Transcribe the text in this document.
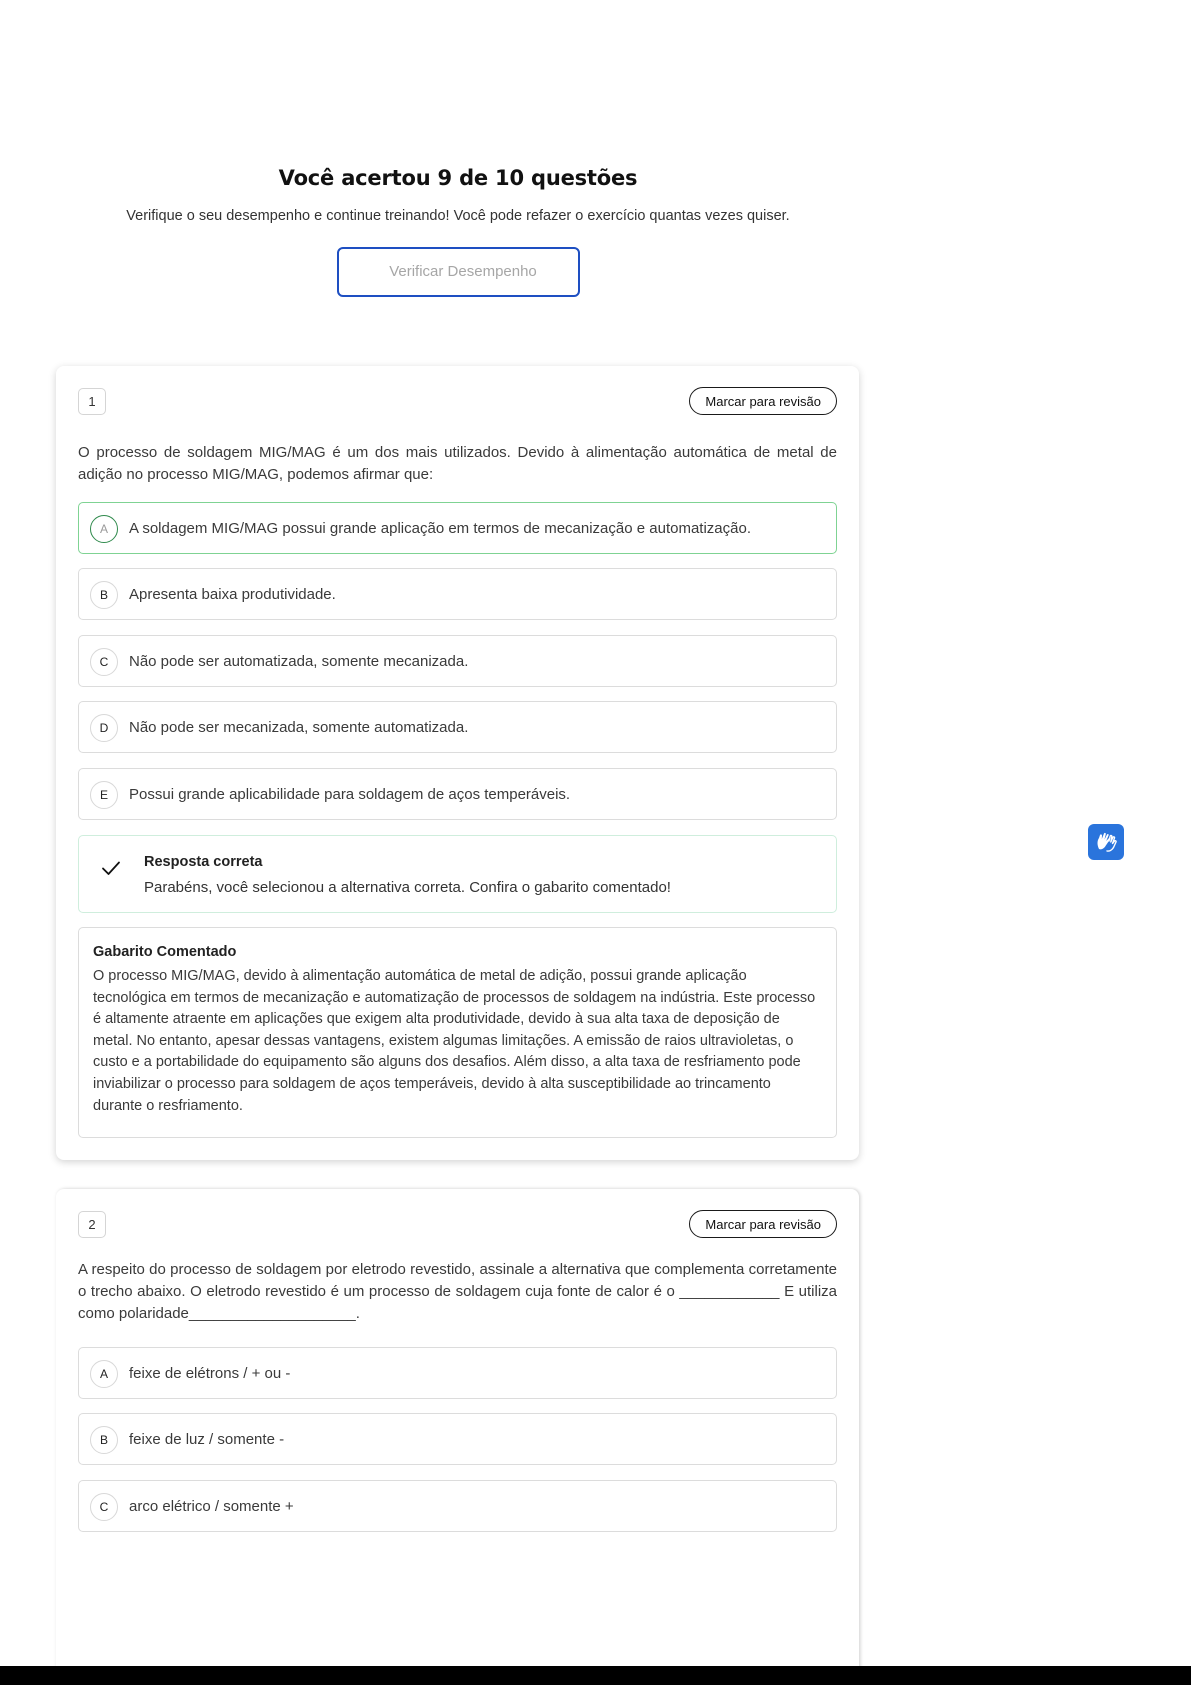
Você acertou 9 de 10 questões

Verifique o seu desempenho e continue treinando! Você pode refazer o exercício quantas vezes quiser.

Verificar Desempenho
1	Marcar para revisão
O processo de soldagem MIG/MAG é um dos mais utilizados. Devido à alimentação automática de metal de adição no processo MIG/MAG, podemos afirmar que:
A	A soldagem MIG/MAG possui grande aplicação em termos de mecanização e automatização.
B	Apresenta baixa produtividade.
C	Não pode ser automatizada, somente mecanizada.
D	Não pode ser mecanizada, somente automatizada.
E	Possui grande aplicabilidade para soldagem de aços temperáveis.
Resposta correta
Parabéns, você selecionou a alternativa correta. Confira o gabarito comentado!
Gabarito Comentado
O processo MIG/MAG, devido à alimentação automática de metal de adição, possui grande aplicação tecnológica em termos de mecanização e automatização de processos de soldagem na indústria. Este processo é altamente atraente em aplicações que exigem alta produtividade, devido à sua alta taxa de deposição de metal. No entanto, apesar dessas vantagens, existem algumas limitações. A emissão de raios ultravioletas, o custo e a portabilidade do equipamento são alguns dos desafios. Além disso, a alta taxa de resfriamento pode inviabilizar o processo para soldagem de aços temperáveis, devido à alta susceptibilidade ao trincamento durante o resfriamento.
2	Marcar para revisão
A respeito do processo de soldagem por eletrodo revestido, assinale a alternativa que complementa corretamente o trecho abaixo. O eletrodo revestido é um processo de soldagem cuja fonte de calor é o ____________ E utiliza como polaridade____________________.
A	feixe de elétrons / + ou -
B	feixe de luz / somente -
C	arco elétrico / somente +
